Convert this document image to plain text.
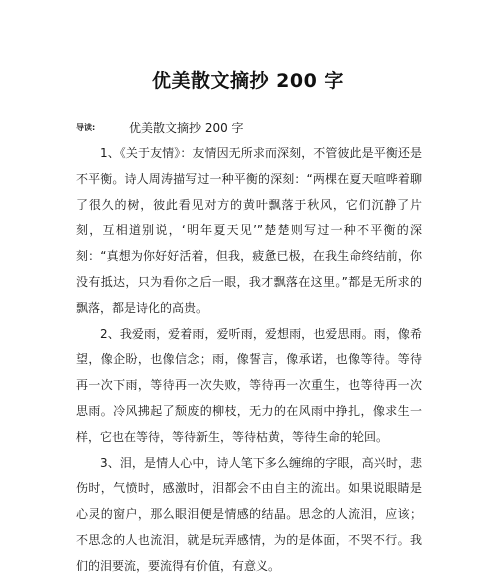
优美散文摘抄 200 字
导读:	优美散文摘抄 200 字

1、《关于友情》：友情因无所求而深刻，不管彼此是平衡还是不平衡。诗人周涛描写过一种平衡的深刻：“两棵在夏天喧哗着聊了很久的树，彼此看见对方的黄叶飘落于秋风，它们沉静了片刻，互相道别说，‘明年夏天见’”楚楚则写过一种不平衡的深刻：“真想为你好好活着，但我，疲惫已极，在我生命终结前，你没有抵达，只为看你之后一眼，我才飘落在这里。”都是无所求的飘落，都是诗化的高贵。

2、我爱雨，爱着雨，爱听雨，爱想雨，也爱思雨。雨，像希望，像企盼，也像信念；雨，像誓言，像承诺，也像等待。等待再一次下雨，等待再一次失败，等待再一次重生，也等待再一次思雨。冷风拂起了颓废的柳枝，无力的在风雨中挣扎，像求生一样，它也在等待，等待新生，等待枯黄，等待生命的轮回。

3、泪，是情人心中，诗人笔下多么缠绵的字眼，高兴时，悲伤时，气愤时，感激时，泪都会不由自主的流出。如果说眼睛是心灵的窗户，那么眼泪便是情感的结晶。思念的人流泪，应该；不思念的人也流泪，就是玩弄感情，为的是体面，不哭不行。我们的泪要流，要流得有价值，有意义。
